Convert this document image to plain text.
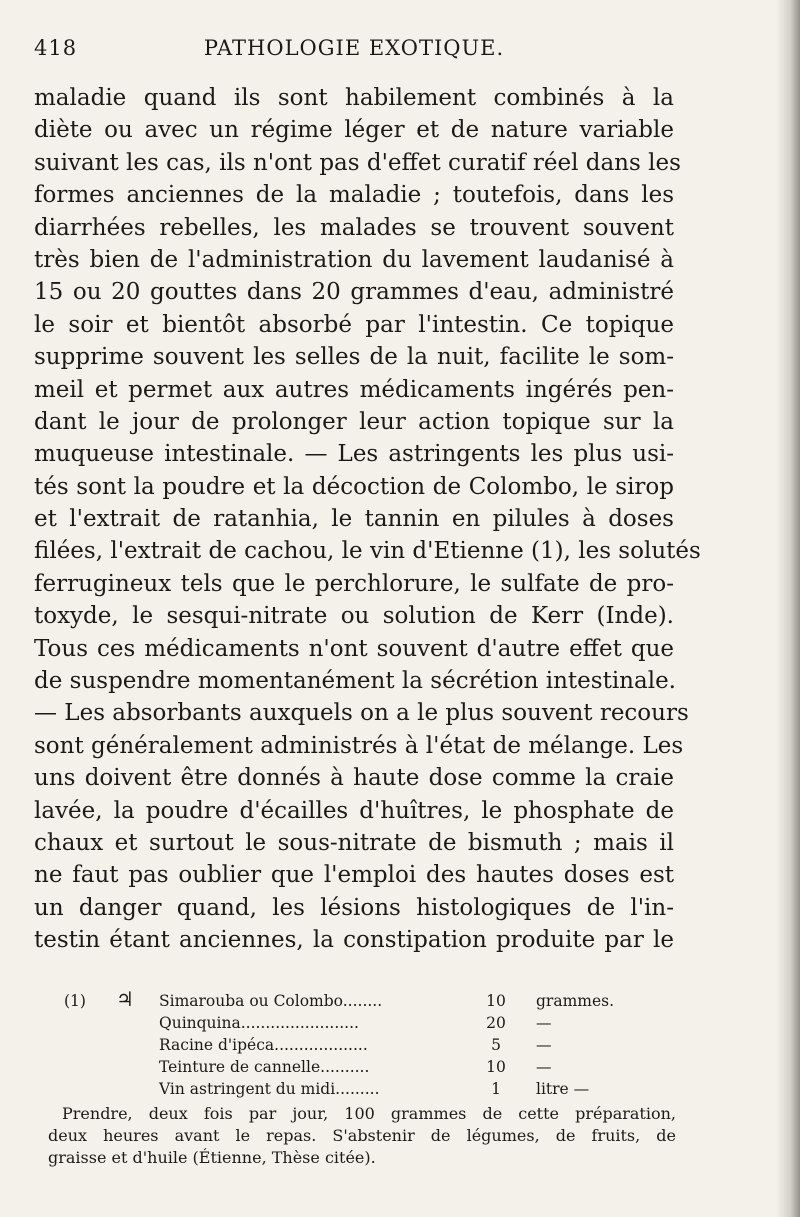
418	PATHOLOGIE EXOTIQUE.
maladie quand ils sont habilement combinés à la
diète ou avec un régime léger et de nature variable
suivant les cas, ils n'ont pas d'effet curatif réel dans les
formes anciennes de la maladie ; toutefois, dans les
diarrhées rebelles, les malades se trouvent souvent
très bien de l'administration du lavement laudanisé à
15 ou 20 gouttes dans 20 grammes d'eau, administré
le soir et bientôt absorbé par l'intestin. Ce topique
supprime souvent les selles de la nuit, facilite le som-
meil et permet aux autres médicaments ingérés pen-
dant le jour de prolonger leur action topique sur la
muqueuse intestinale. — Les astringents les plus usi-
tés sont la poudre et la décoction de Colombo, le sirop
et l'extrait de ratanhia, le tannin en pilules à doses
filées, l'extrait de cachou, le vin d'Etienne (1), les solutés
ferrugineux tels que le perchlorure, le sulfate de pro-
toxyde, le sesqui-nitrate ou solution de Kerr (Inde).
Tous ces médicaments n'ont souvent d'autre effet que
de suspendre momentanément la sécrétion intestinale.
— Les absorbants auxquels on a le plus souvent recours
sont généralement administrés à l'état de mélange. Les
uns doivent être donnés à haute dose comme la craie
lavée, la poudre d'écailles d'huîtres, le phosphate de
chaux et surtout le sous-nitrate de bismuth ; mais il
ne faut pas oublier que l'emploi des hautes doses est
un danger quand, les lésions histologiques de l'in-
testin étant anciennes, la constipation produite par le
(1) ♃ Simarouba ou Colombo........	10	grammes.
Quinquina........................	20	—
Racine d'ipéca...................	5	—
Teinture de cannelle..........	10	—
Vin astringent du midi.........	1	litre —
Prendre, deux fois par jour, 100 grammes de cette préparation,
deux heures avant le repas. S'abstenir de légumes, de fruits, de
graisse et d'huile (Étienne, Thèse citée).
